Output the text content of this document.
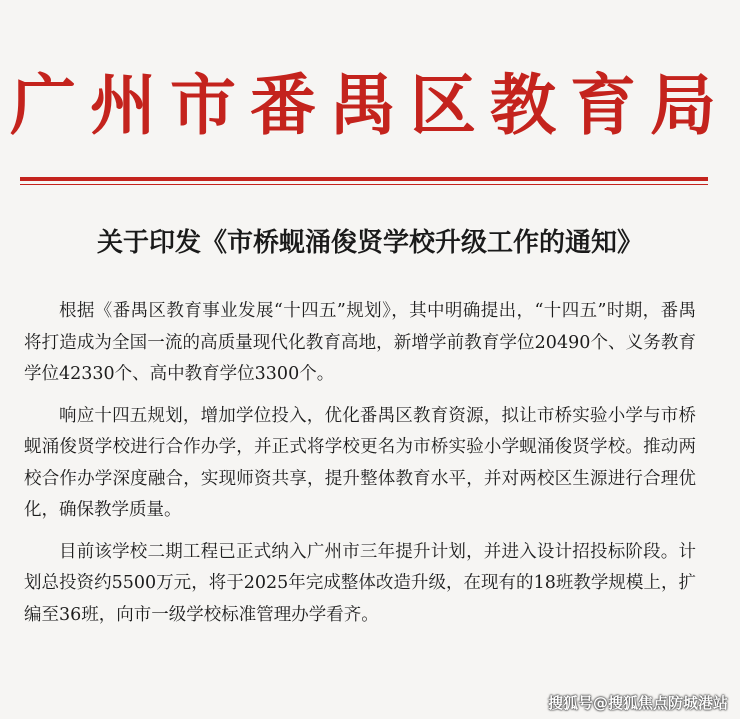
广州市番禺区教育局
关于印发《市桥蚬涌俊贤学校升级工作的通知》

根据《番禺区教育事业发展“十四五”规划》，其中明确提出，“十四五”时期，番禺将打造成为全国一流的高质量现代化教育高地，新增学前教育学位20490个、义务教育学位42330个、高中教育学位3300个。

响应十四五规划，增加学位投入，优化番禺区教育资源，拟让市桥实验小学与市桥蚬涌俊贤学校进行合作办学，并正式将学校更名为市桥实验小学蚬涌俊贤学校。推动两校合作办学深度融合，实现师资共享，提升整体教育水平，并对两校区生源进行合理优化，确保教学质量。

目前该学校二期工程已正式纳入广州市三年提升计划，并进入设计招投标阶段。计划总投资约5500万元，将于2025年完成整体改造升级，在现有的18班教学规模上，扩编至36班，向市一级学校标准管理办学看齐。

搜狐号@搜狐焦点防城港站
